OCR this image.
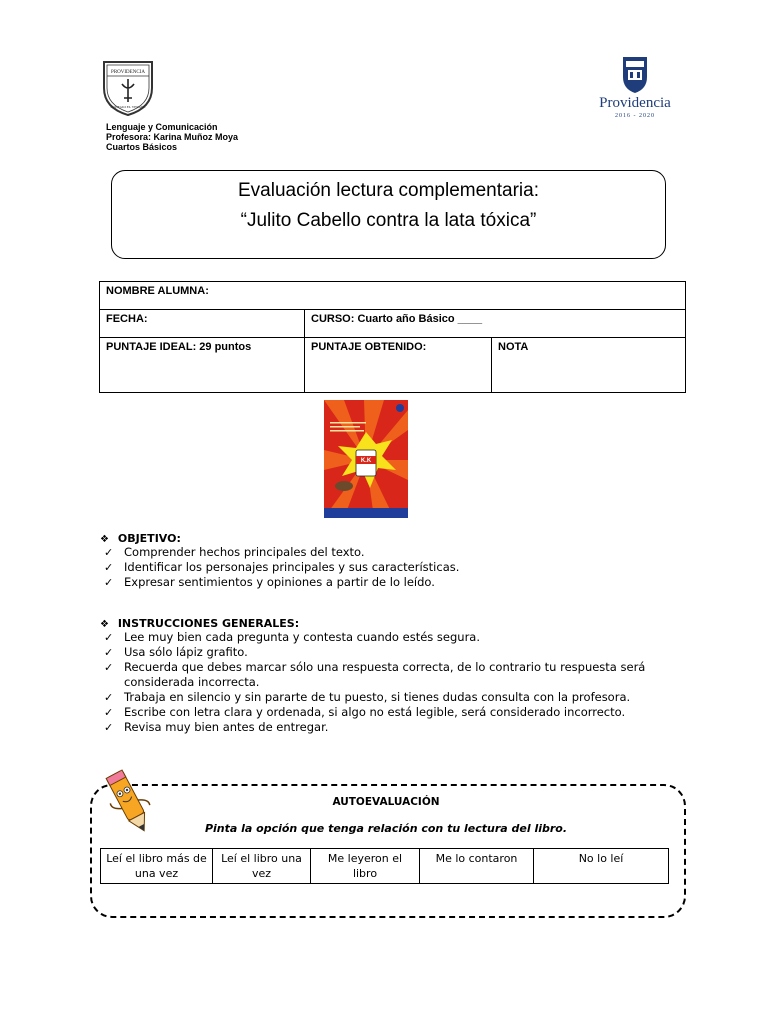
PROVIDENCIA
COLEGIO EL VERGEL	Providencia
2016 - 2020
Lenguaje y Comunicación
Profesora: Karina Muñoz Moya
Cuartos Básicos
Evaluación lectura complementaria:
“Julito Cabello contra la lata tóxica”
NOMBRE ALUMNA:		
FECHA:	CURSO: Cuarto año Básico ____	
PUNTAJE IDEAL: 29 puntos	PUNTAJE OBTENIDO:	NOTA
K.K
❖ OBJETIVO:
✓ Comprender hechos principales del texto.
✓ Identificar los personajes principales y sus características.
✓ Expresar sentimientos y opiniones a partir de lo leído.
❖ INSTRUCCIONES GENERALES:
✓ Lee muy bien cada pregunta y contesta cuando estés segura.
✓ Usa sólo lápiz grafito.
✓ Recuerda que debes marcar sólo una respuesta correcta, de lo contrario tu respuesta será considerada incorrecta.
✓ Trabaja en silencio y sin pararte de tu puesto, si tienes dudas consulta con la profesora.
✓ Escribe con letra clara y ordenada, si algo no está legible, será considerado incorrecto.
✓ Revisa muy bien antes de entregar.
AUTOEVALUACIÓN
Pinta la opción que tenga relación con tu lectura del libro.
Leí el libro más de una vez	Leí el libro una vez	Me leyeron el libro	Me lo contaron	No lo leí
